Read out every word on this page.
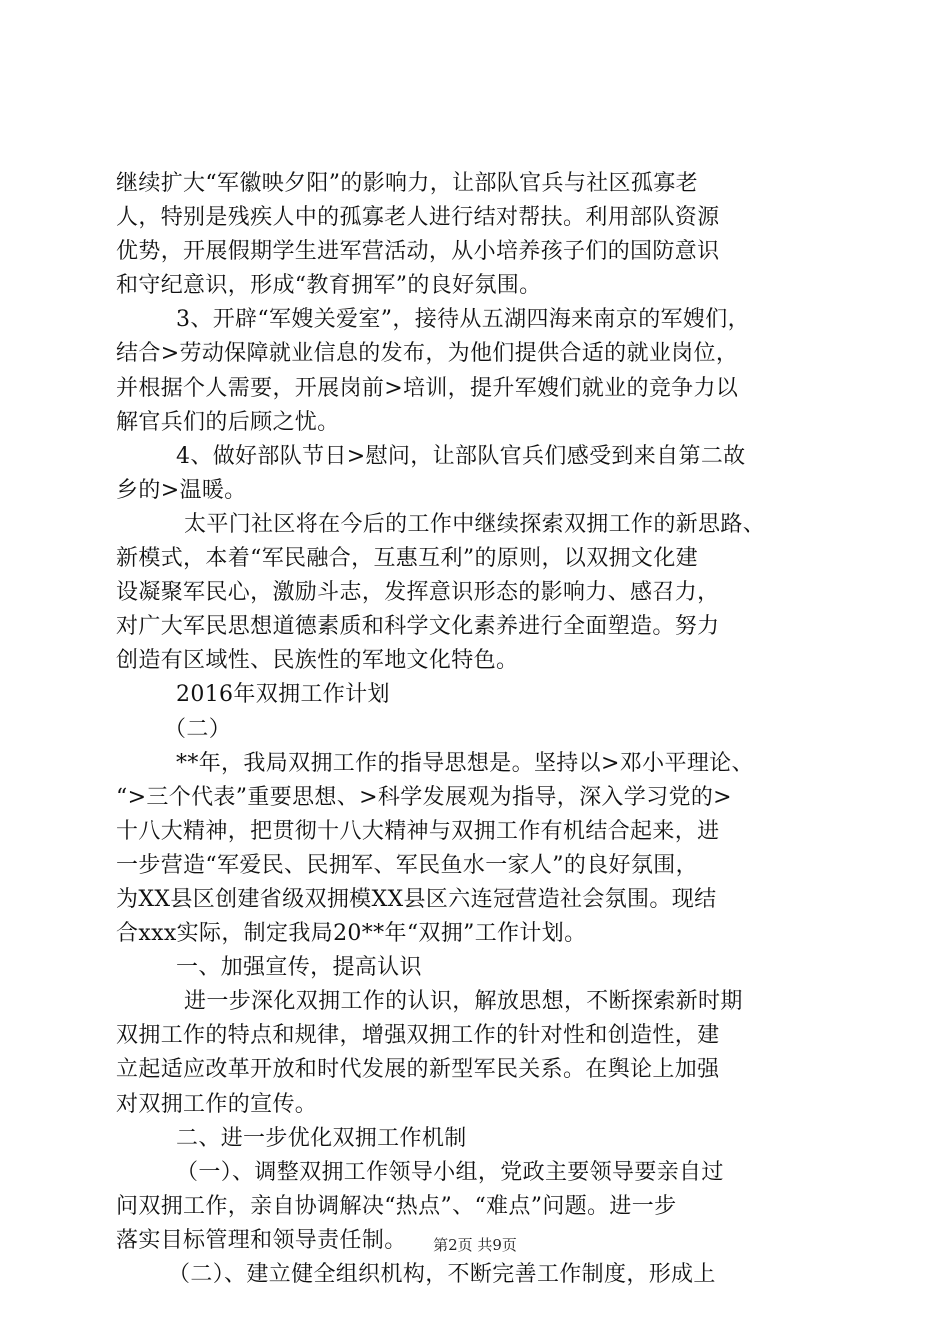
继续扩大“军徽映夕阳”的影响力，让部队官兵与社区孤寡老
人，特别是残疾人中的孤寡老人进行结对帮扶。利用部队资源
优势，开展假期学生进军营活动，从小培养孩子们的国防意识
和守纪意识，形成“教育拥军”的良好氛围。
3、开辟“军嫂关爱室”，接待从五湖四海来南京的军嫂们，
结合>劳动保障就业信息的发布，为他们提供合适的就业岗位，
并根据个人需要，开展岗前>培训，提升军嫂们就业的竞争力以
解官兵们的后顾之忧。
4、做好部队节日>慰问，让部队官兵们感受到来自第二故
乡的>温暖。
太平门社区将在今后的工作中继续探索双拥工作的新思路、
新模式，本着“军民融合，互惠互利”的原则，以双拥文化建
设凝聚军民心，激励斗志，发挥意识形态的影响力、感召力，
对广大军民思想道德素质和科学文化素养进行全面塑造。努力
创造有区域性、民族性的军地文化特色。
2016年双拥工作计划
（二）
**年，我局双拥工作的指导思想是。坚持以>邓小平理论、
“>三个代表”重要思想、>科学发展观为指导，深入学习党的>
十八大精神，把贯彻十八大精神与双拥工作有机结合起来，进
一步营造“军爱民、民拥军、军民鱼水一家人”的良好氛围，
为XX县区创建省级双拥模XX县区六连冠营造社会氛围。现结
合xxx实际，制定我局20**年“双拥”工作计划。
一、加强宣传，提高认识
进一步深化双拥工作的认识，解放思想，不断探索新时期
双拥工作的特点和规律，增强双拥工作的针对性和创造性，建
立起适应改革开放和时代发展的新型军民关系。在舆论上加强
对双拥工作的宣传。
二、进一步优化双拥工作机制
（一）、调整双拥工作领导小组，党政主要领导要亲自过
问双拥工作，亲自协调解决“热点”、“难点”问题。进一步
落实目标管理和领导责任制。
（二）、建立健全组织机构，不断完善工作制度，形成上
第2页 共9页
